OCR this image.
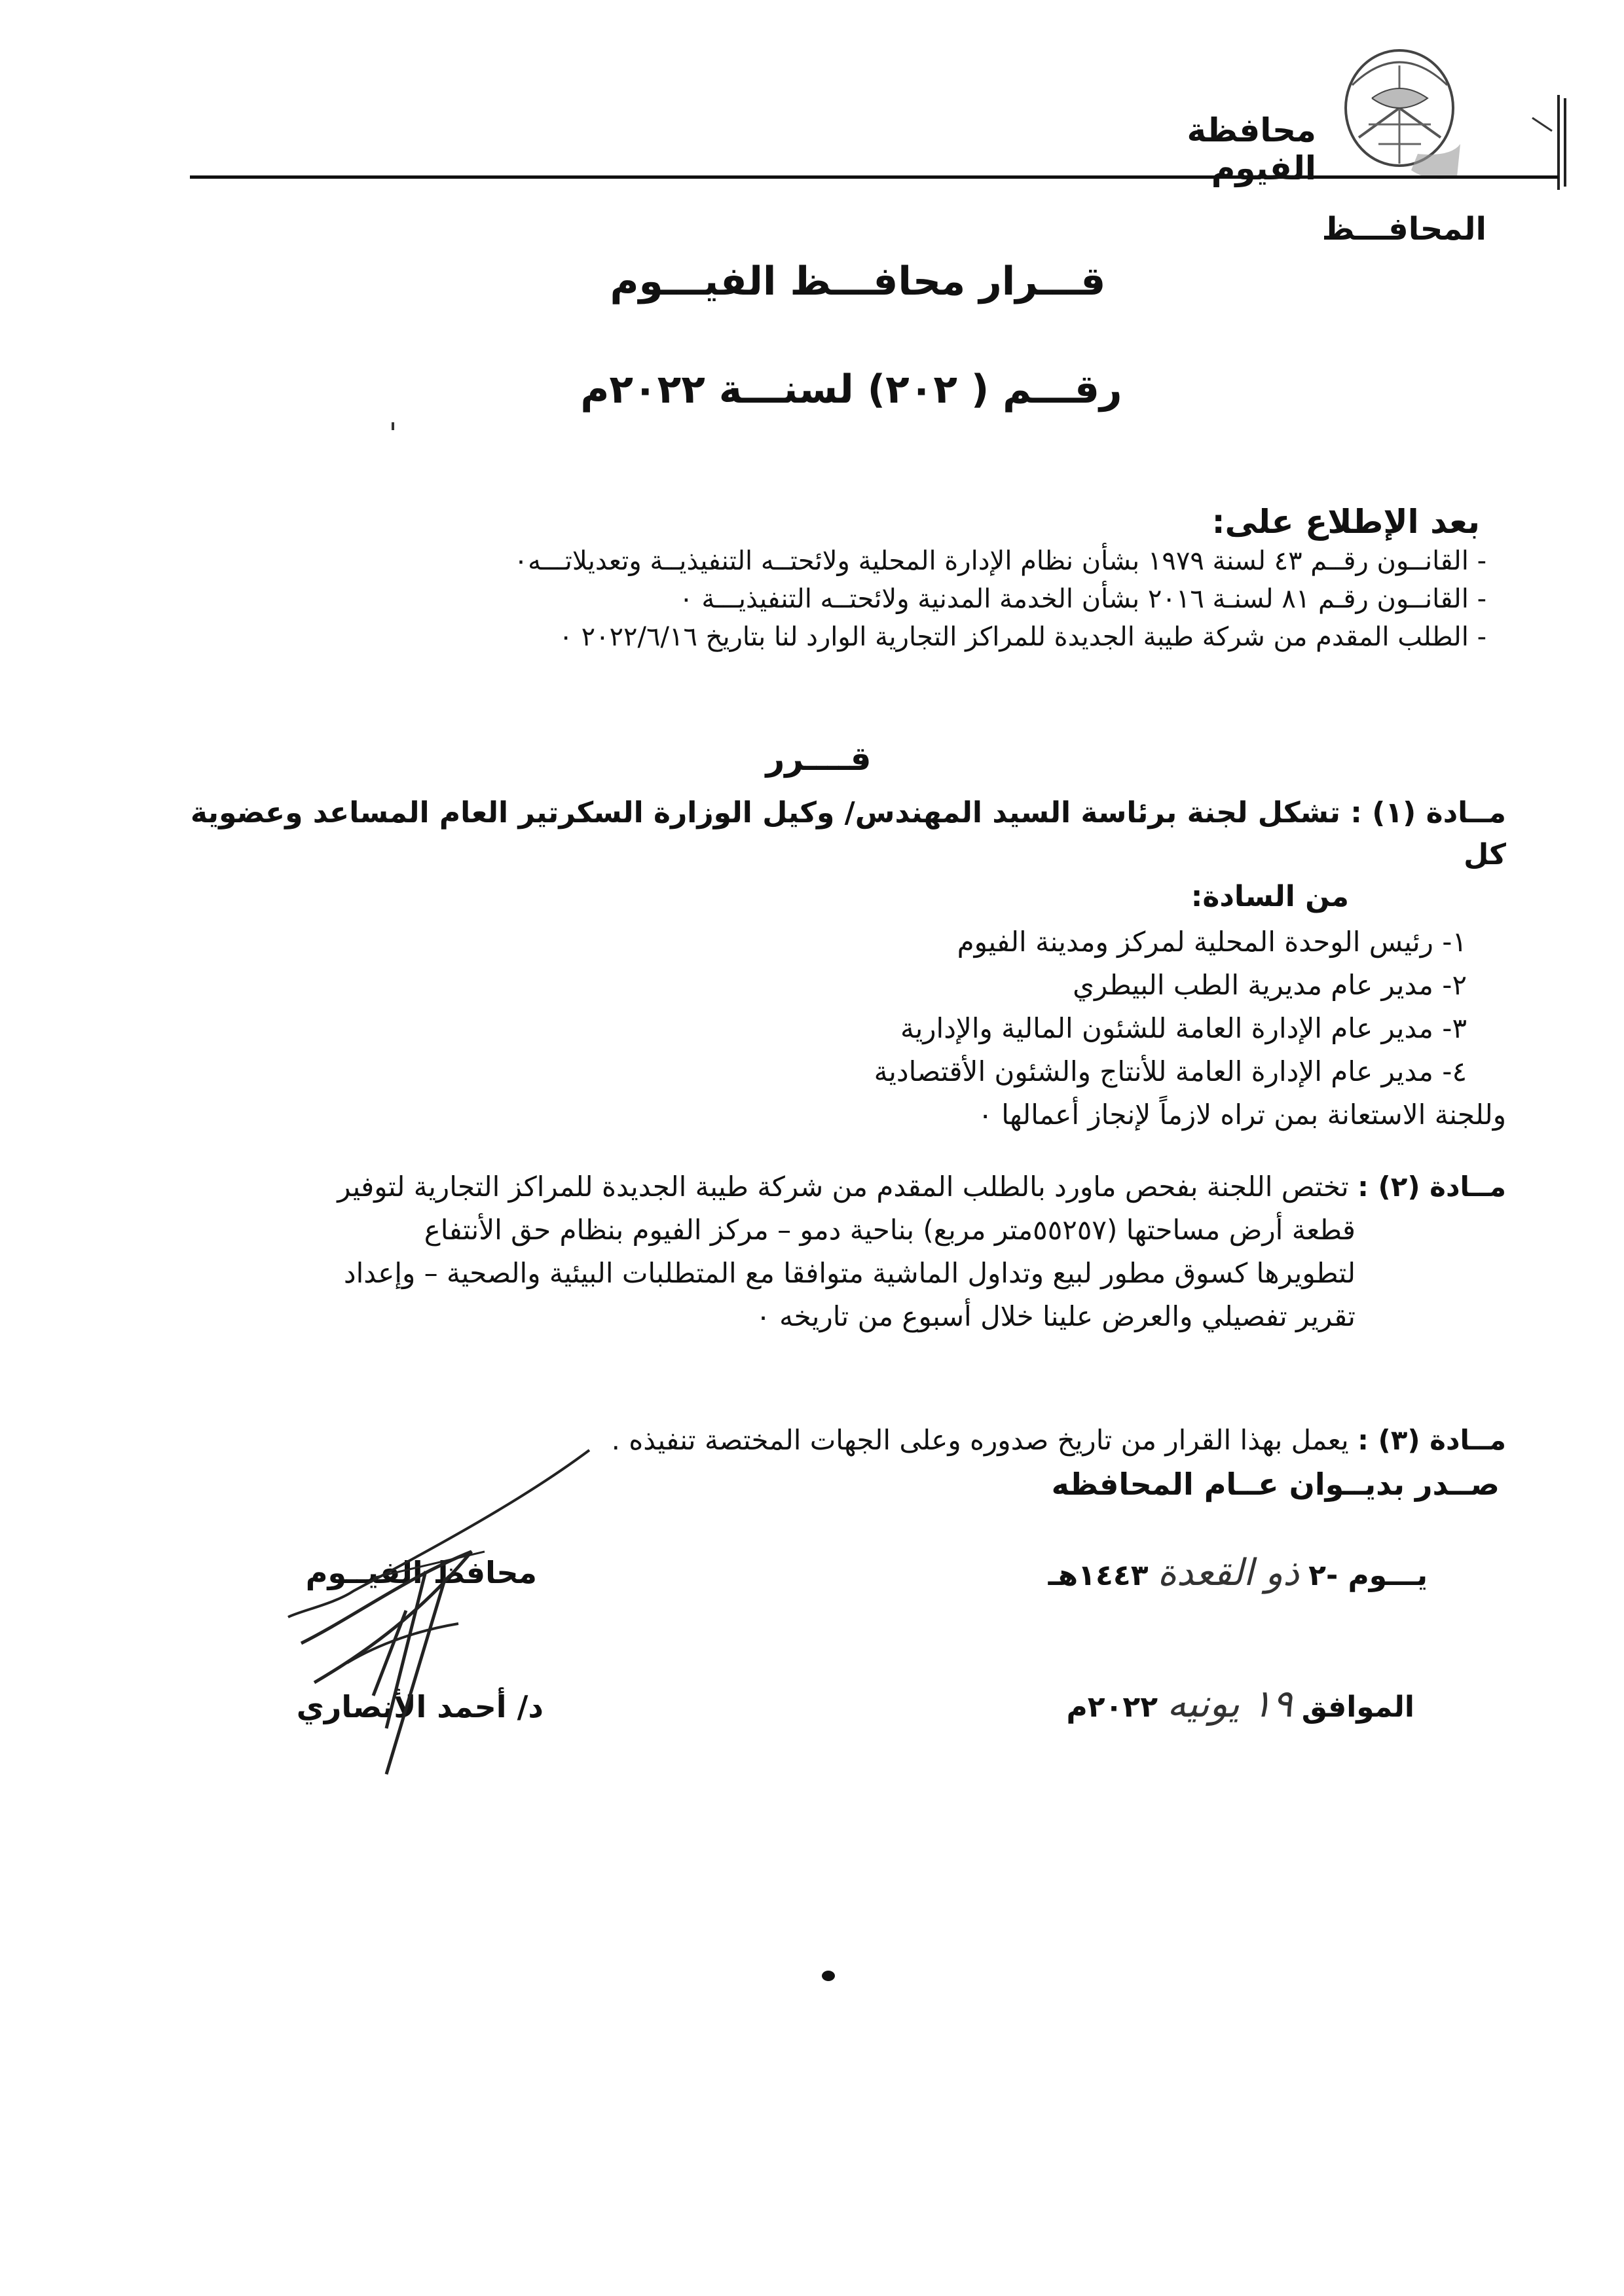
محافظة الفيوم
المحافـــظ
قـــرار محافـــظ الفيـــوم
رقـــم ( ٢٠٢) لسنـــة ٢٠٢٢م
بعد الإطلاع على:
- القانــون رقــم ٤٣ لسنة ١٩٧٩ بشأن نظام الإدارة المحلية ولائحتــه التنفيذيــة وتعديلاتـــه٠
- القانــون رقـم ٨١ لسنـة ٢٠١٦ بشأن الخدمة المدنية ولائحتــه التنفيذيـــة ٠
- الطلب المقدم من شركة طيبة الجديدة للمراكز التجارية الوارد لنا بتاريخ ٢٠٢٢/٦/١٦ ٠
قــــرر
مــادة (١) : تشكل لجنة برئاسة السيد المهندس/ وكيل الوزارة السكرتير العام المساعد وعضوية كل
من السادة:
١- رئيس الوحدة المحلية لمركز ومدينة الفيوم
٢- مدير عام مديرية الطب البيطري
٣- مدير عام الإدارة العامة للشئون المالية والإدارية
٤- مدير عام الإدارة العامة للأنتاج والشئون الأقتصادية
وللجنة الاستعانة بمن تراه لازماً لإنجاز أعمالها ٠
مــادة (٢) : تختص اللجنة بفحص ماورد بالطلب المقدم من شركة طيبة الجديدة للمراكز التجارية لتوفير
قطعة أرض مساحتها (٥٥٢٥٧متر مربع) بناحية دمو – مركز الفيوم بنظام حق الأنتفاع
لتطويرها كسوق مطور لبيع وتداول الماشية متوافقا مع المتطلبات البيئية والصحية – وإعداد
تقرير تفصيلي والعرض علينا خلال أسبوع من تاريخه ٠
مــادة (٣) : يعمل بهذا القرار من تاريخ صدوره وعلى الجهات المختصة تنفيذه .
صــدر بديــوان عــام المحافظه
محافظ الفيــوم
د/ أحمد الأنصاري
يـــوم -٢ ذو القعدة ١٤٤٣هـ
الموافق ١٩ يونيه ٢٠٢٢م
